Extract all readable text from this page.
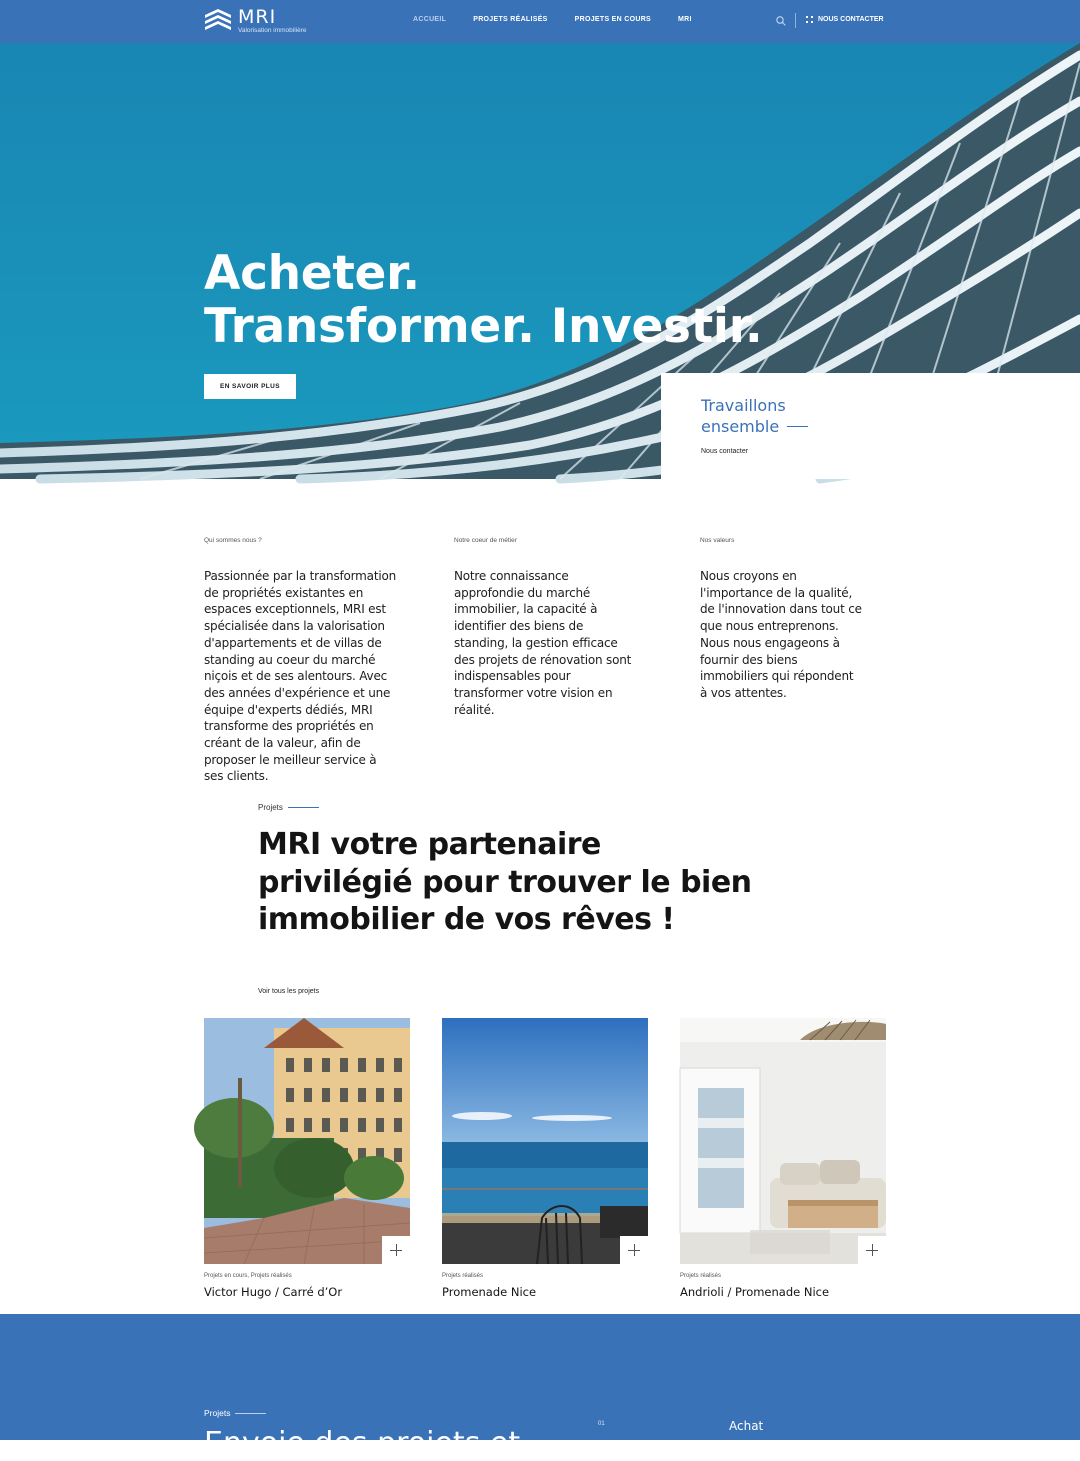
MRI
Valorisation immobilière
ACCUEIL	PROJETS RÉALISÉS	PROJETS EN COURS	MRI	NOUS CONTACTER
Acheter.
Transformer. Investir.
EN SAVOIR PLUS
Travaillons
ensemble
Nous contacter
Qui sommes nous ?

Passionnée par la transformation de propriétés existantes en espaces exceptionnels, MRI est spécialisée dans la valorisation d'appartements et de villas de standing au coeur du marché niçois et de ses alentours. Avec des années d'expérience et une équipe d'experts dédiés, MRI transforme des propriétés en créant de la valeur, afin de proposer le meilleur service à ses clients.

Notre coeur de métier

Notre connaissance approfondie du marché immobilier, la capacité à identifier des biens de standing, la gestion efficace des projets de rénovation sont indispensables pour transformer votre vision en réalité.

Nos valeurs

Nous croyons en l'importance de la qualité, de l'innovation dans tout ce que nous entreprenons. Nous nous engageons à fournir des biens immobiliers qui répondent à vos attentes.

Projets
MRI votre partenaire privilégié pour trouver le bien immobilier de vos rêves !
Voir tous les projets
Projets en cours, Projets réalisés
Victor Hugo / Carré d’Or
Projets réalisés
Promenade Nice
Projets réalisés
Andrioli / Promenade Nice
Projets
Envoie des projets et
01	Achat
